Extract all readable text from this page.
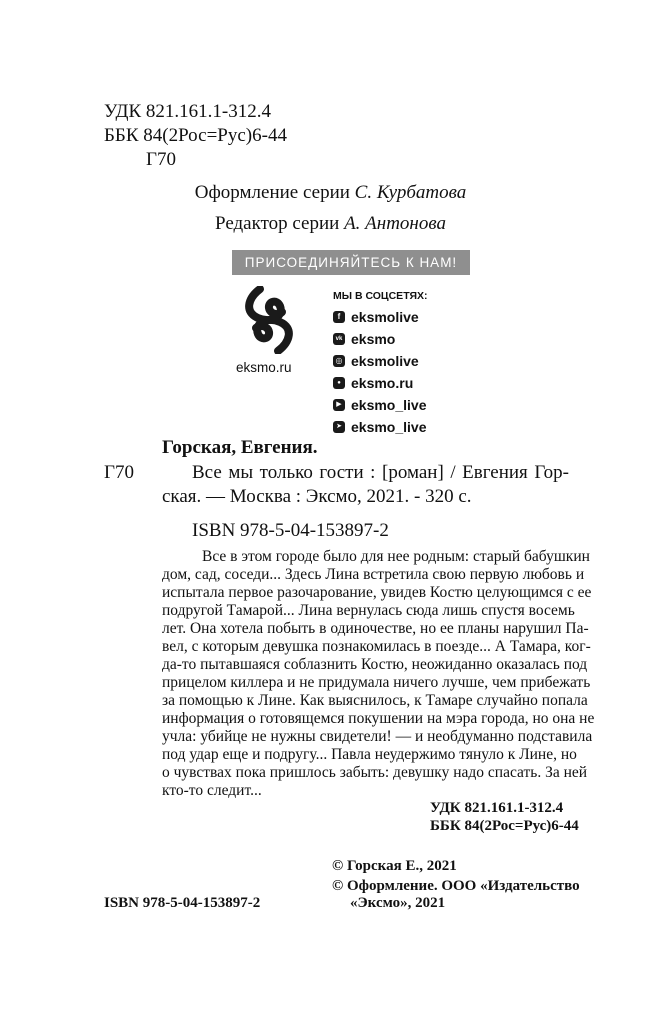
УДК 821.161.1-312.4
ББК 84(2Рос=Рус)6-44
Г70
Оформление серии С. Курбатова
Редактор серии А. Антонова
ПРИСОЕДИНЯЙТЕСЬ К НАМ!
eksmo.ru
МЫ В СОЦСЕТЯХ:
f eksmolive
vk eksmo
◎ eksmolive
● eksmo.ru
▶ eksmo_live
➤ eksmo_live
Горская, Евгения.
Г70	Все мы только гости : [роман] / Евгения Гор-
ская. — Москва : Эксмо, 2021. - 320 с.
ISBN 978-5-04-153897-2
Все в этом городе было для нее родным: старый бабушкин
дом, сад, соседи... Здесь Лина встретила свою первую любовь и
испытала первое разочарование, увидев Костю целующимся с ее
подругой Тамарой... Лина вернулась сюда лишь спустя восемь
лет. Она хотела побыть в одиночестве, но ее планы нарушил Па-
вел, с которым девушка познакомилась в поезде... А Тамара, ког-
да-то пытавшаяся соблазнить Костю, неожиданно оказалась под
прицелом киллера и не придумала ничего лучше, чем прибежать
за помощью к Лине. Как выяснилось, к Тамаре случайно попала
информация о готовящемся покушении на мэра города, но она не
учла: убийце не нужны свидетели! — и необдуманно подставила
под удар еще и подругу... Павла неудержимо тянуло к Лине, но
о чувствах пока пришлось забыть: девушку надо спасать. За ней
кто-то следит...
УДК 821.161.1-312.4
ББК 84(2Рос=Рус)6-44
© Горская Е., 2021
© Оформление. ООО «Издательство
«Эксмо», 2021
ISBN 978-5-04-153897-2
